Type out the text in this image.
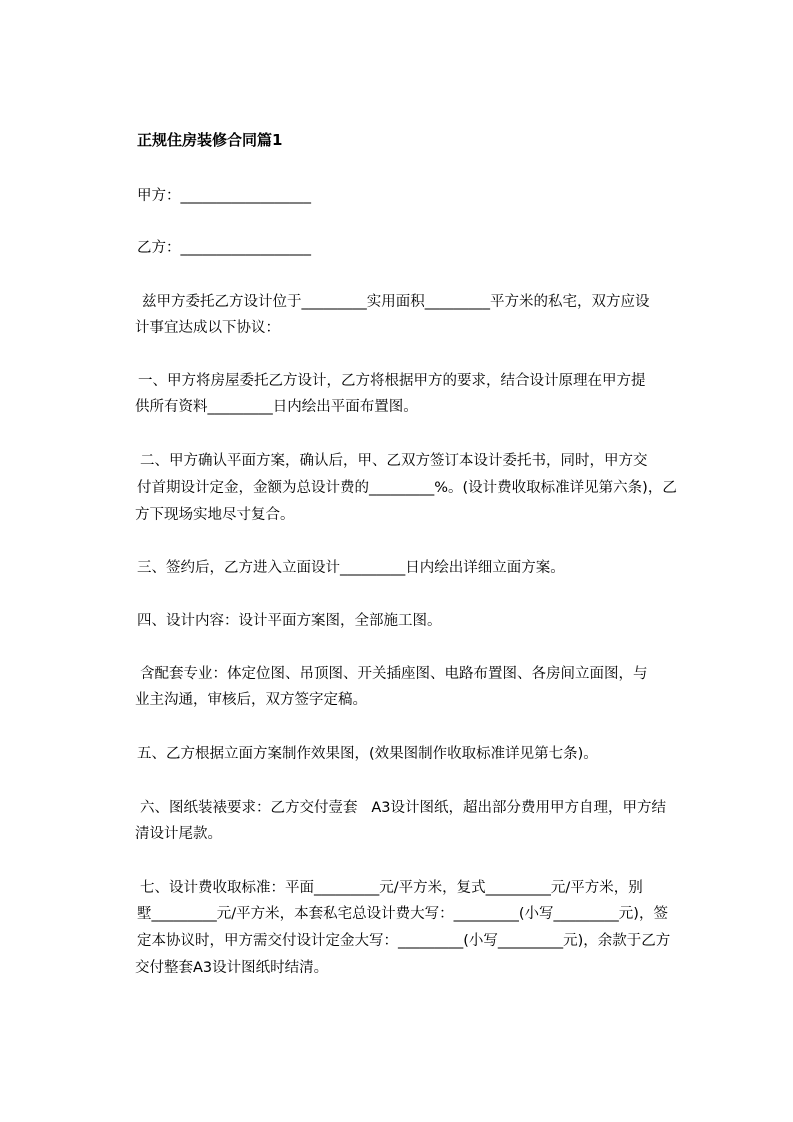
正规住房装修合同篇1
甲方：__________________
乙方：__________________
兹甲方委托乙方设计位于_________实用面积_________平方米的私宅，双方应设
计事宜达成以下协议：
一、甲方将房屋委托乙方设计，乙方将根据甲方的要求，结合设计原理在甲方提
供所有资料_________日内绘出平面布置图。
二、甲方确认平面方案，确认后，甲、乙双方签订本设计委托书，同时，甲方交
付首期设计定金，金额为总设计费的_________%。(设计费收取标准详见第六条)，乙
方下现场实地尽寸复合。
三、签约后，乙方进入立面设计_________日内绘出详细立面方案。
四、设计内容：设计平面方案图，全部施工图。
含配套专业：体定位图、吊顶图、开关插座图、电路布置图、各房间立面图，与
业主沟通，审核后，双方签字定稿。
五、乙方根据立面方案制作效果图，(效果图制作收取标准详见第七条)。
六、图纸装裱要求：乙方交付壹套   A3设计图纸，超出部分费用甲方自理，甲方结
清设计尾款。
七、设计费收取标准：平面_________元/平方米，复式_________元/平方米，别
墅_________元/平方米，本套私宅总设计费大写：_________(小写_________元)，签
定本协议时，甲方需交付设计定金大写：_________(小写_________元)，余款于乙方
交付整套A3设计图纸时结清。
